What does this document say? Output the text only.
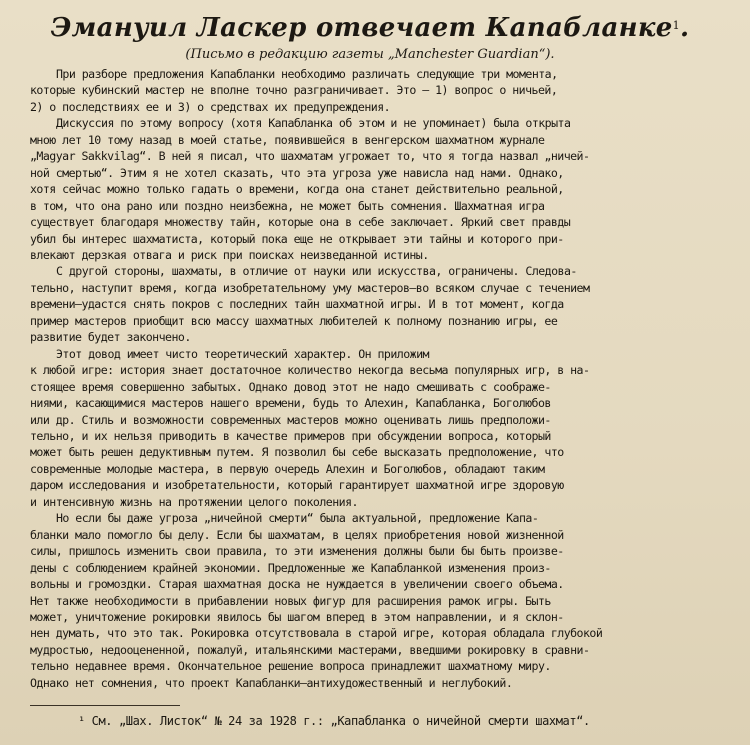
Эмануил Ласкер отвечает Капабланке$^1$.
(Письмо в редакцию газеты „Manchester Guardian“).
При разборе предложения Капабланки необходимо различать следующие три момента,
которые кубинский мастер не вполне точно разграничивает. Это — 1) вопрос о ничьей,
2) о последствиях ее и 3) о средствах их предупреждения.
Дискуссия по этому вопросу (хотя Капабланка об этом и не упоминает) была открыта
мною лет 10 тому назад в моей статье, появившейся в венгерском шахматном журнале
„Magyar Sakkvilag“. В ней я писал, что шахматам угрожает то, что я тогда назвал „ничей-
ной смертью“. Этим я не хотел сказать, что эта угроза уже нависла над нами. Однако,
хотя сейчас можно только гадать о времени, когда она станет действительно реальной,
в том, что она рано или поздно неизбежна, не может быть сомнения. Шахматная игра
существует благодаря множеству тайн, которые она в себе заключает. Яркий свет правды
убил бы интерес шахматиста, который пока еще не открывает эти тайны и которого при-
влекают дерзкая отвага и риск при поисках неизведанной истины.
С другой стороны, шахматы, в отличие от науки или искусства, ограничены. Следова-
тельно, наступит время, когда изобретательному уму мастеров—во всяком случае с течением
времени—удастся снять покров с последних тайн шахматной игры. И в тот момент, когда
пример мастеров приобщит всю массу шахматных любителей к полному познанию игры, ее
развитие будет закончено.
Этот довод имеет чисто теоретический характер. Он приложим
к любой игре: история знает достаточное количество некогда весьма популярных игр, в на-
стоящее время совершенно забытых. Однако довод этот не надо смешивать с соображе-
ниями, касающимися мастеров нашего времени, будь то Алехин, Капабланка, Боголюбов
или др. Стиль и возможности современных мастеров можно оценивать лишь предположи-
тельно, и их нельзя приводить в качестве примеров при обсуждении вопроса, который
может быть решен дедуктивным путем. Я позволил бы себе высказать предположение, что
современные молодые мастера, в первую очередь Алехин и Боголюбов, обладают таким
даром исследования и изобретательности, который гарантирует шахматной игре здоровую
и интенсивную жизнь на протяжении целого поколения.
Но если бы даже угроза „ничейной смерти“ была актуальной, предложение Капа-
бланки мало помогло бы делу. Если бы шахматам, в целях приобретения новой жизненной
силы, пришлось изменить свои правила, то эти изменения должны были бы быть произве-
дены с соблюдением крайней экономии. Предложенные же Капабланкой изменения произ-
вольны и громоздки. Старая шахматная доска не нуждается в увеличении своего объема.
Нет также необходимости в прибавлении новых фигур для расширения рамок игры. Быть
может, уничтожение рокировки явилось бы шагом вперед в этом направлении, и я склон-
нен думать, что это так. Рокировка отсутствовала в старой игре, которая обладала глубокой
мудростью, недооцененной, пожалуй, итальянскими мастерами, введшими рокировку в сравни-
тельно недавнее время. Окончательное решение вопроса принадлежит шахматному миру.
Однако нет сомнения, что проект Капабланки—антихудожественный и неглубокий.
¹ См. „Шах. Листок“ № 24 за 1928 г.: „Капабланка о ничейной смерти шахмат“.
